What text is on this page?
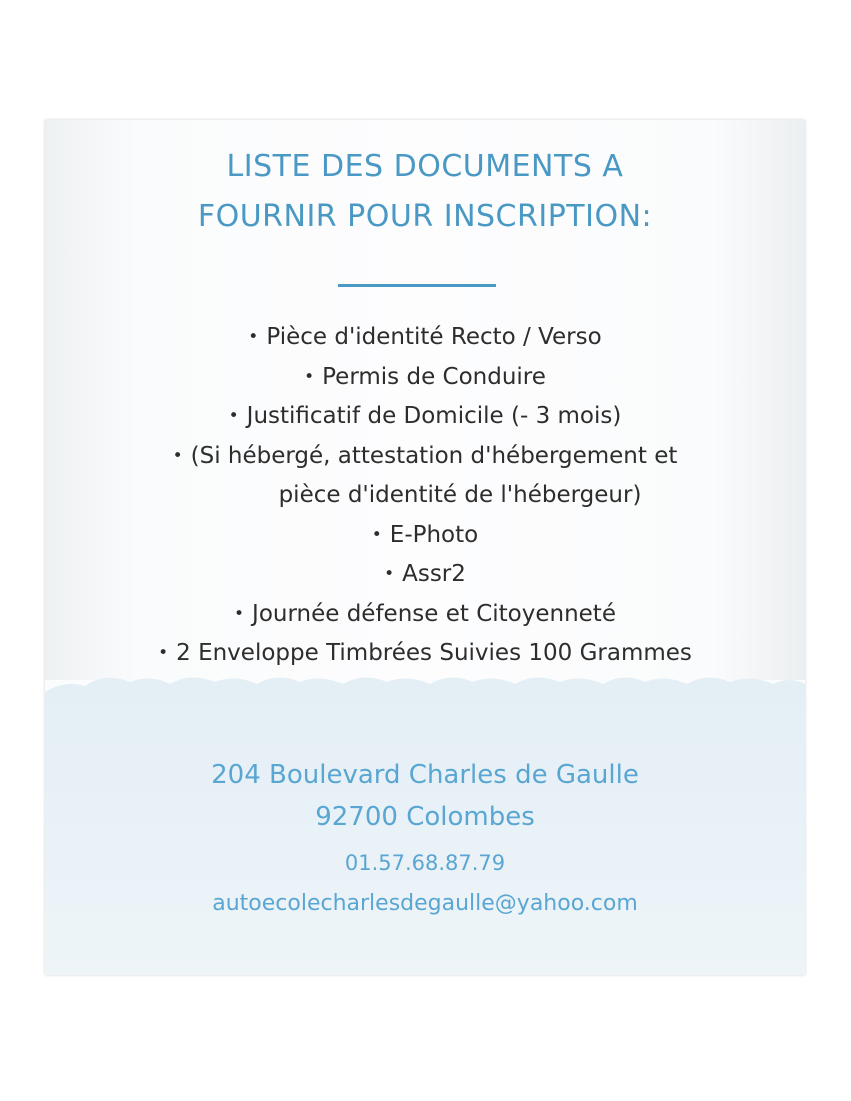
LISTE DES DOCUMENTS A
FOURNIR POUR INSCRIPTION:
• Pièce d'identité Recto / Verso
• Permis de Conduire
• Justificatif de Domicile (- 3 mois)
• (Si hébergé, attestation d'hébergement et
pièce d'identité de l'hébergeur)
• E-Photo
• Assr2
• Journée défense et Citoyenneté
• 2 Enveloppe Timbrées Suivies 100 Grammes
204 Boulevard Charles de Gaulle
92700 Colombes
01.57.68.87.79
autoecolecharlesdegaulle@yahoo.com
